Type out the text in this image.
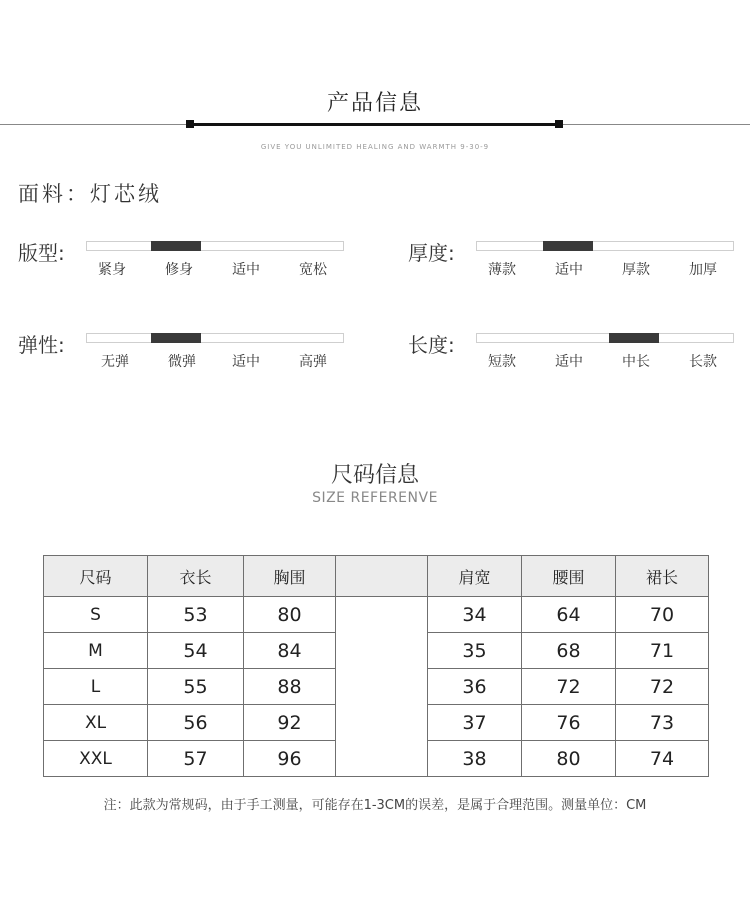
产品信息
GIVE YOU UNLIMITED HEALING AND WARMTH 9-30-9
面料：灯芯绒
版型:
紧身	修身	适中	宽松
厚度:
薄款	适中	厚款	加厚
弹性:
无弹	微弹	适中	高弹
长度:
短款	适中	中长	长款
尺码信息
SIZE REFERENVE
尺码	衣长	胸围		肩宽	腰围	裙长
S	53	80		34	64	70
M	54	84		35	68	71
L	55	88		36	72	72
XL	56	92		37	76	73
XXL	57	96		38	80	74
注：此款为常规码，由于手工测量，可能存在1-3CM的误差，是属于合理范围。测量单位：CM
